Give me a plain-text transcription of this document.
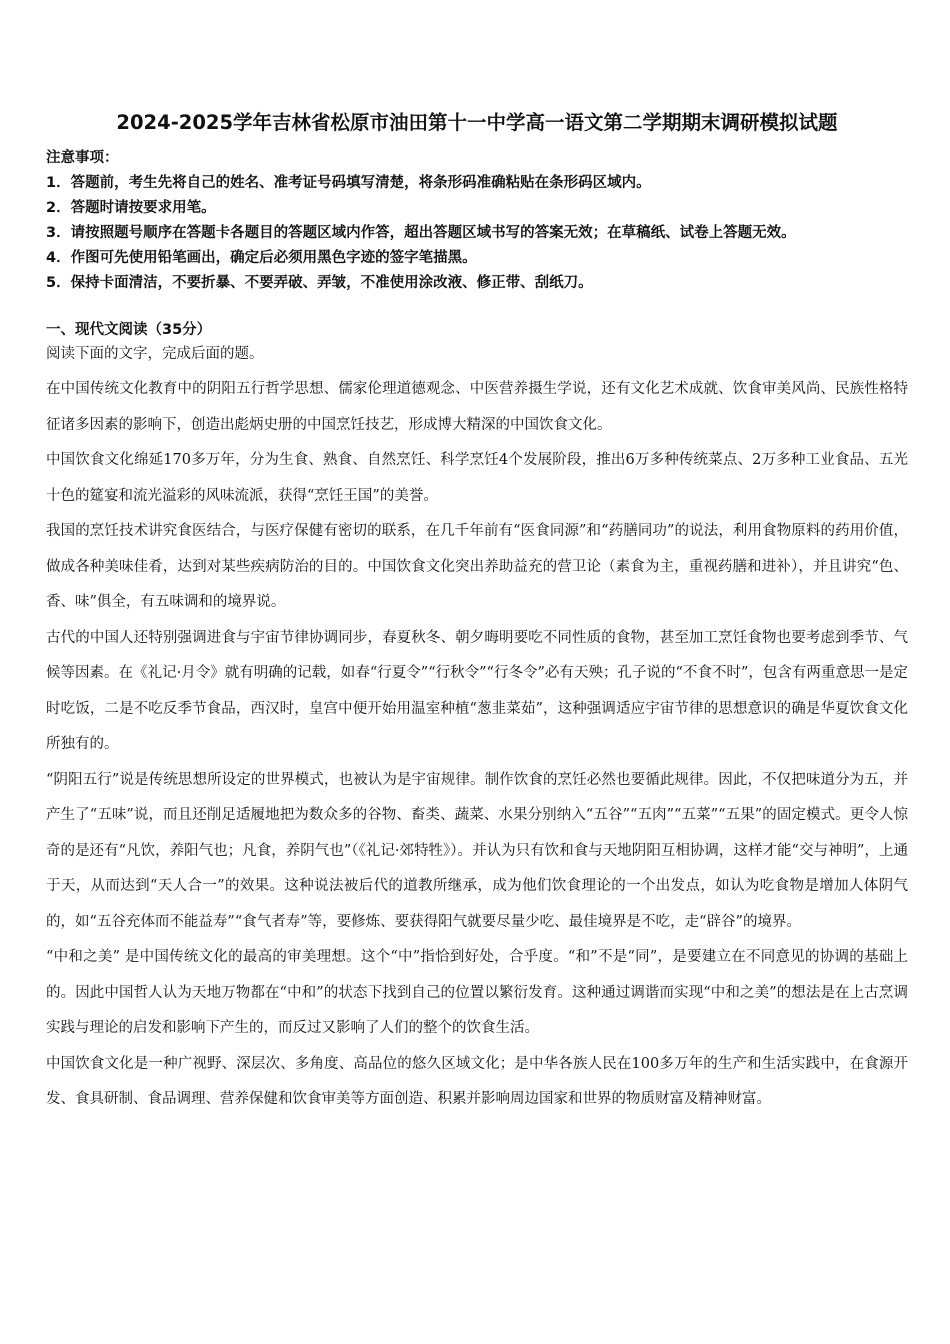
2024-2025学年吉林省松原市油田第十一中学高一语文第二学期期末调研模拟试题
注意事项：
1．答题前，考生先将自己的姓名、准考证号码填写清楚，将条形码准确粘贴在条形码区域内。
2．答题时请按要求用笔。
3．请按照题号顺序在答题卡各题目的答题区域内作答，超出答题区域书写的答案无效；在草稿纸、试卷上答题无效。
4．作图可先使用铅笔画出，确定后必须用黑色字迹的签字笔描黑。
5．保持卡面清洁，不要折暴、不要弄破、弄皱，不准使用涂改液、修正带、刮纸刀。
一、现代文阅读（35分）
阅读下面的文字，完成后面的题。

在中国传统文化教育中的阴阳五行哲学思想、儒家伦理道德观念、中医营养摄生学说，还有文化艺术成就、饮食审美风尚、民族性格特征诸多因素的影响下，创造出彪炳史册的中国烹饪技艺，形成博大精深的中国饮食文化。

中国饮食文化绵延170多万年，分为生食、熟食、自然烹饪、科学烹饪4个发展阶段，推出6万多种传统菜点、2万多种工业食品、五光十色的筵宴和流光溢彩的风味流派，获得“烹饪王国”的美誉。

我国的烹饪技术讲究食医结合，与医疗保健有密切的联系，在几千年前有“医食同源”和“药膳同功”的说法，利用食物原料的药用价值，做成各种美味佳肴，达到对某些疾病防治的目的。中国饮食文化突出养助益充的营卫论（素食为主，重视药膳和进补），并且讲究“色、香、味”俱全，有五味调和的境界说。

古代的中国人还特别强调进食与宇宙节律协调同步，春夏秋冬、朝夕晦明要吃不同性质的食物，甚至加工烹饪食物也要考虑到季节、气候等因素。在《礼记·月令》就有明确的记载，如春“行夏令”“行秋令”“行冬令”必有天殃；孔子说的“不食不时”，包含有两重意思一是定时吃饭，二是不吃反季节食品，西汉时，皇宫中便开始用温室种植“葱韭菜茹”，这种强调适应宇宙节律的思想意识的确是华夏饮食文化所独有的。

“阴阳五行”说是传统思想所设定的世界模式，也被认为是宇宙规律。制作饮食的烹饪必然也要循此规律。因此，不仅把味道分为五，并产生了“五味”说，而且还削足适履地把为数众多的谷物、畜类、蔬菜、水果分别纳入“五谷”“五肉”“五菜”“五果”的固定模式。更令人惊奇的是还有“凡饮，养阳气也；凡食，养阴气也”（《礼记·郊特牲》）。并认为只有饮和食与天地阴阳互相协调，这样才能“交与神明”，上通于天，从而达到“天人合一”的效果。这种说法被后代的道教所继承，成为他们饮食理论的一个出发点，如认为吃食物是增加人体阴气的，如“五谷充体而不能益寿”“食气者寿”等，要修炼、要获得阳气就要尽量少吃、最佳境界是不吃，走“辟谷”的境界。

“中和之美” 是中国传统文化的最高的审美理想。这个“中”指恰到好处，合乎度。“和”不是“同”，是要建立在不同意见的协调的基础上的。因此中国哲人认为天地万物都在“中和”的状态下找到自己的位置以繁衍发育。这种通过调谐而实现“中和之美”的想法是在上古烹调实践与理论的启发和影响下产生的，而反过又影响了人们的整个的饮食生活。

中国饮食文化是一种广视野、深层次、多角度、高品位的悠久区域文化；是中华各族人民在100多万年的生产和生活实践中，在食源开发、食具研制、食品调理、营养保健和饮食审美等方面创造、积累并影响周边国家和世界的物质财富及精神财富。
